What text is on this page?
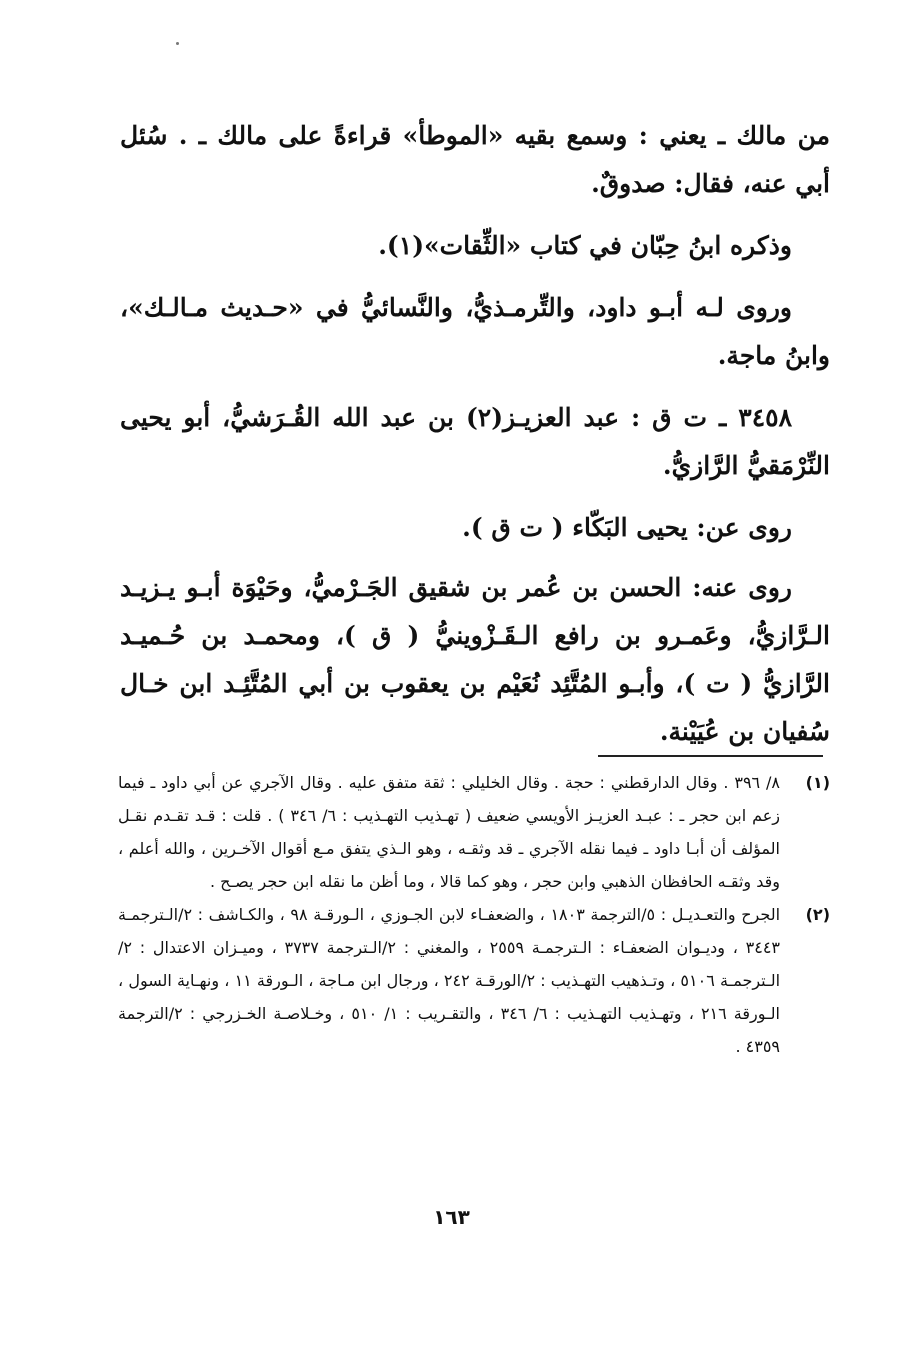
من مالك ـ يعني : وسمع بقيه «الموطأ» قراءةً على مالك ـ . سُئل أبي عنه، فقال: صدوقٌ.

وذكره ابنُ حِبّان في كتاب «الثِّقات»(١).

وروى لـه أبـو داود، والتِّرمـذيُّ، والنَّسائيُّ في «حـديث مـالـك»، وابنُ ماجة.

٣٤٥٨ ـ ت ق : عبد العزيـز(٢) بن عبد الله القُـرَشيُّ، أبو يحيى النِّرْمَقيُّ الرَّازيُّ.

روى عن: يحيى البَكّاء ( ت ق ).

روى عنه: الحسن بن عُمر بن شقيق الجَـرْميُّ، وحَيْوَة أبـو يـزيـد الـرَّازيُّ، وعَمـرو بن رافع الـقَـزْوينيُّ ( ق )، ومحمـد بن حُـميـد الرَّازيُّ ( ت )، وأبـو المُتَّئِد نُعَيْم بن يعقوب بن أبي المُتَّئِـد ابن خـال سُفيان بن عُيَيْنة.

(١)
٨/ ٣٩٦ . وقال الدارقطني : حجة . وقال الخليلي : ثقة متفق عليه . وقال الآجري عن أبي داود ـ فيما زعم ابن حجر ـ : عبـد العزيـز الأويسي ضعيف ( تهـذيب التهـذيب : ٦/ ٣٤٦ ) . قلت : قـد تقـدم نقـل المؤلف أن أبـا داود ـ فيما نقله الآجري ـ قد وثقـه ، وهو الـذي يتفق مـع أقوال الآخـرين ، والله أعلم ، وقد وثقـه الحافظان الذهبي وابن حجر ، وهو كما قالا ، وما أظن ما نقله ابن حجر يصـح .
(٢)
الجرح والتعـديـل : ٥/الترجمة ١٨٠٣ ، والضعفـاء لابن الجـوزي ، الـورقـة ٩٨ ، والكـاشف : ٢/الـترجمـة ٣٤٤٣ ، وديـوان الضعفـاء : الـترجمـة ٢٥٥٩ ، والمغني : ٢/الـترجمة ٣٧٣٧ ، وميـزان الاعتدال : ٢/الـترجمـة ٥١٠٦ ، وتـذهيب التهـذيب : ٢/الورقـة ٢٤٢ ، ورجال ابن مـاجة ، الـورقة ١١ ، ونهـاية السول ، الـورقة ٢١٦ ، وتهـذيب التهـذيب : ٦/ ٣٤٦ ، والتقـريب : ١/ ٥١٠ ، وخـلاصـة الخـزرجي : ٢/الترجمة ٤٣٥٩ .
١٦٣
